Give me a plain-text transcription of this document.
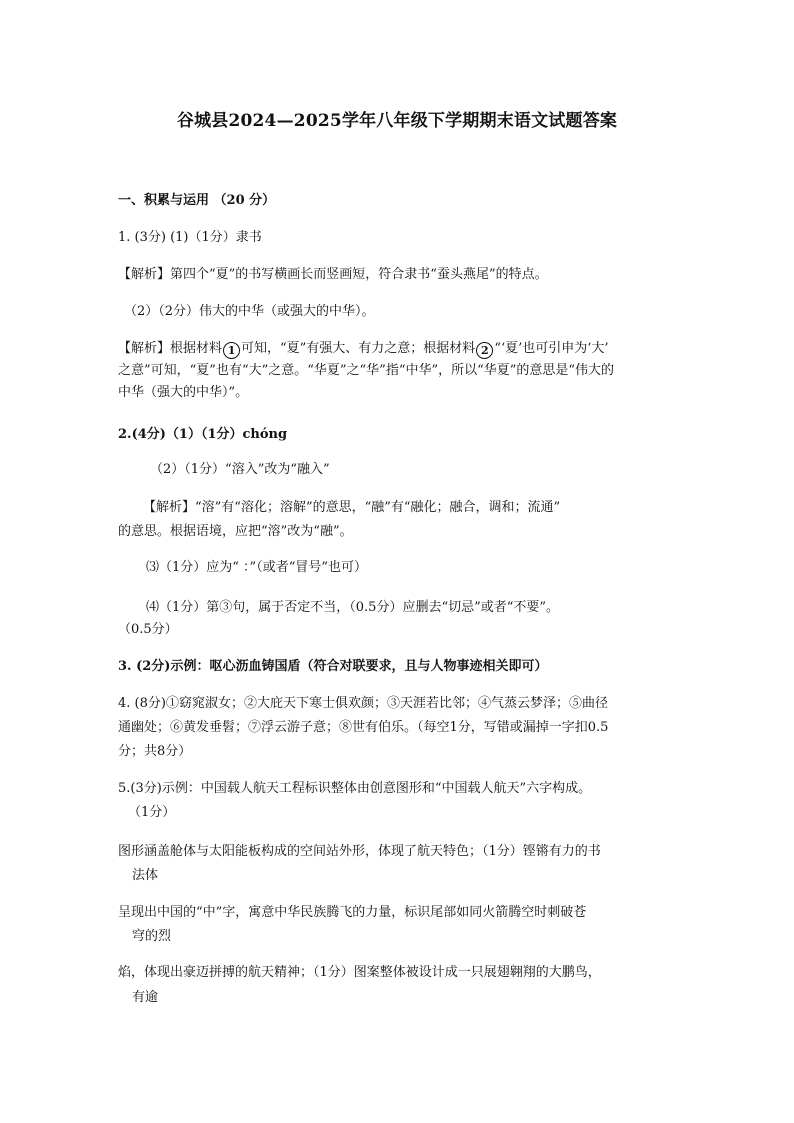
谷城县2024—2025学年八年级下学期期末语文试题答案
一、积累与运用 （20 分）
1. (3分) (1)（1分）隶书
【解析】第四个“夏”的书写横画长而竖画短，符合隶书“蚕头燕尾”的特点。
（2）（2分）伟大的中华（或强大的中华）。
【解析】根据材料 1 可知，“夏”有强大、有力之意；根据材料 2 “‘夏’也可引申为‘大’
之意”可知，“夏”也有“大”之意。“华夏”之“华”指“中华”，所以“华夏”的意思是“伟大的
中华（强大的中华）”。
2.(4分)（1）（1分）chóng
（2）（1分）“溶入”改为“融入”
【解析】“溶”有“溶化；溶解”的意思，“融”有“融化；融合，调和；流通”
的意思。根据语境，应把“溶”改为“融”。
⑶（1分）应为“ ：”（或者“冒号”也可）
⑷（1分）第③句，属于否定不当，（0.5分）应删去“切忌”或者“不要”。
（0.5分）
3. (2分)示例：呕心沥血铸国盾（符合对联要求，且与人物事迹相关即可）
4. (8分)①窈窕淑女；②大庇天下寒士俱欢颜；③天涯若比邻；④气蒸云梦泽；⑤曲径
通幽处；⑥黄发垂髫；⑦浮云游子意；⑧世有伯乐。（每空1分，写错或漏掉一字扣0.5
分；共8分）
5.(3分)示例：中国载人航天工程标识整体由创意图形和“中国载人航天”六字构成。
（1分）
图形涵盖舱体与太阳能板构成的空间站外形，体现了航天特色；（1分）铿锵有力的书
法体
呈现出中国的“中”字，寓意中华民族腾飞的力量，标识尾部如同火箭腾空时刺破苍
穹的烈
焰，体现出豪迈拼搏的航天精神；（1分）图案整体被设计成一只展翅翱翔的大鹏鸟，
有逾
